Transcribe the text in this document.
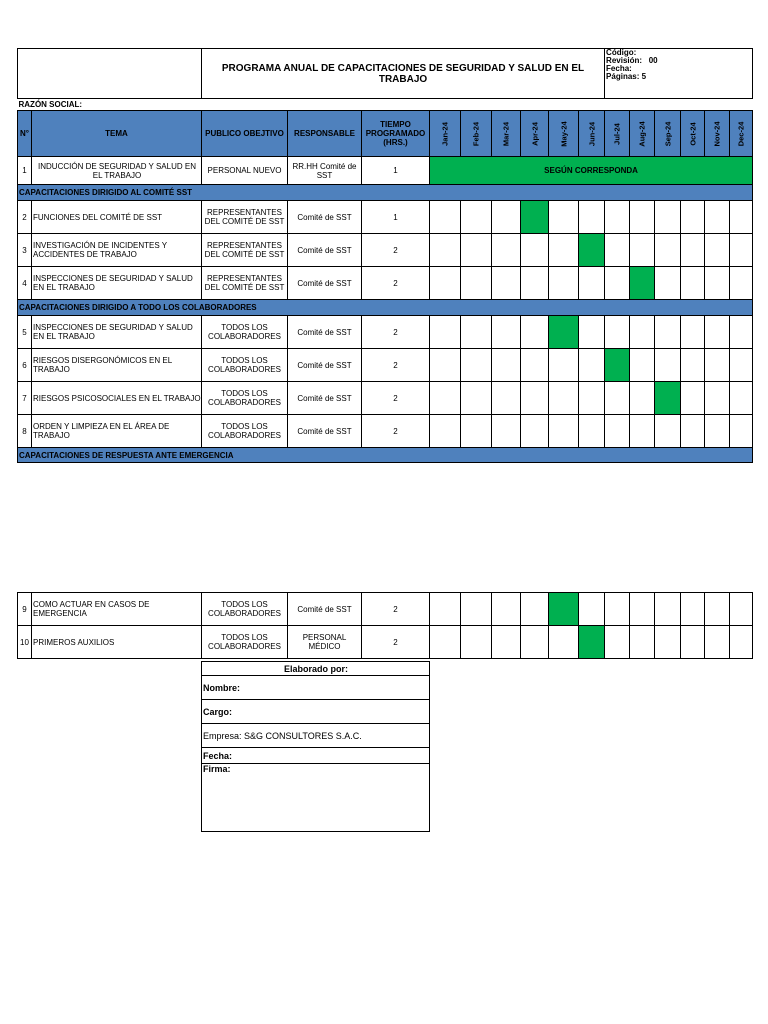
		PROGRAMA ANUAL DE CAPACITACIONES DE SEGURIDAD Y SALUD EN EL TRABAJO									Código:
Revisión: 00
Fecha:
Páginas: 5					

RAZÓN SOCIAL:																
N°	TEMA	PUBLICO OBEJTIVO	RESPONSABLE	TIEMPO PROGRAMADO (HRS.)	Jan-24	Feb-24	Mar-24	Apr-24	May-24	Jun-24	Jul-24	Aug-24	Sep-24	Oct-24	Nov-24	Dec-24

1	INDUCCIÓN DE SEGURIDAD Y SALUD EN EL TRABAJO	PERSONAL NUEVO	RR.HH Comité de SST	1	SEGÚN CORRESPONDA											
CAPACITACIONES DIRIGIDO AL COMITÉ SST																
2	FUNCIONES DEL COMITÉ DE SST	REPRESENTANTES DEL COMITÉ DE SST	Comité de SST	1												
3	INVESTIGACIÓN DE INCIDENTES Y ACCIDENTES DE TRABAJO	REPRESENTANTES DEL COMITÉ DE SST	Comité de SST	2												
4	INSPECCIONES DE SEGURIDAD Y SALUD EN EL TRABAJO	REPRESENTANTES DEL COMITÉ DE SST	Comité de SST	2												
CAPACITACIONES DIRIGIDO A TODO LOS COLABORADORES																
5	INSPECCIONES DE SEGURIDAD Y SALUD EN EL TRABAJO	TODOS LOS COLABORADORES	Comité de SST	2												
6	RIESGOS DISERGONÓMICOS EN EL TRABAJO	TODOS LOS COLABORADORES	Comité de SST	2												
7	RIESGOS PSICOSOCIALES EN EL TRABAJO	TODOS LOS COLABORADORES	Comité de SST	2												
8	ORDEN Y LIMPIEZA EN EL ÁREA DE TRABAJO	TODOS LOS COLABORADORES	Comité de SST	2												
CAPACITACIONES DE RESPUESTA ANTE EMERGENCIA																
9	COMO ACTUAR EN CASOS DE EMERGENCIA	TODOS LOS COLABORADORES	Comité de SST	2												
10	PRIMEROS AUXILIOS	TODOS LOS COLABORADORES	PERSONAL MÉDICO	2												
Elaborado por:
Nombre:
Cargo:
Empresa: S&G CONSULTORES S.A.C.
Fecha:
Firma:
